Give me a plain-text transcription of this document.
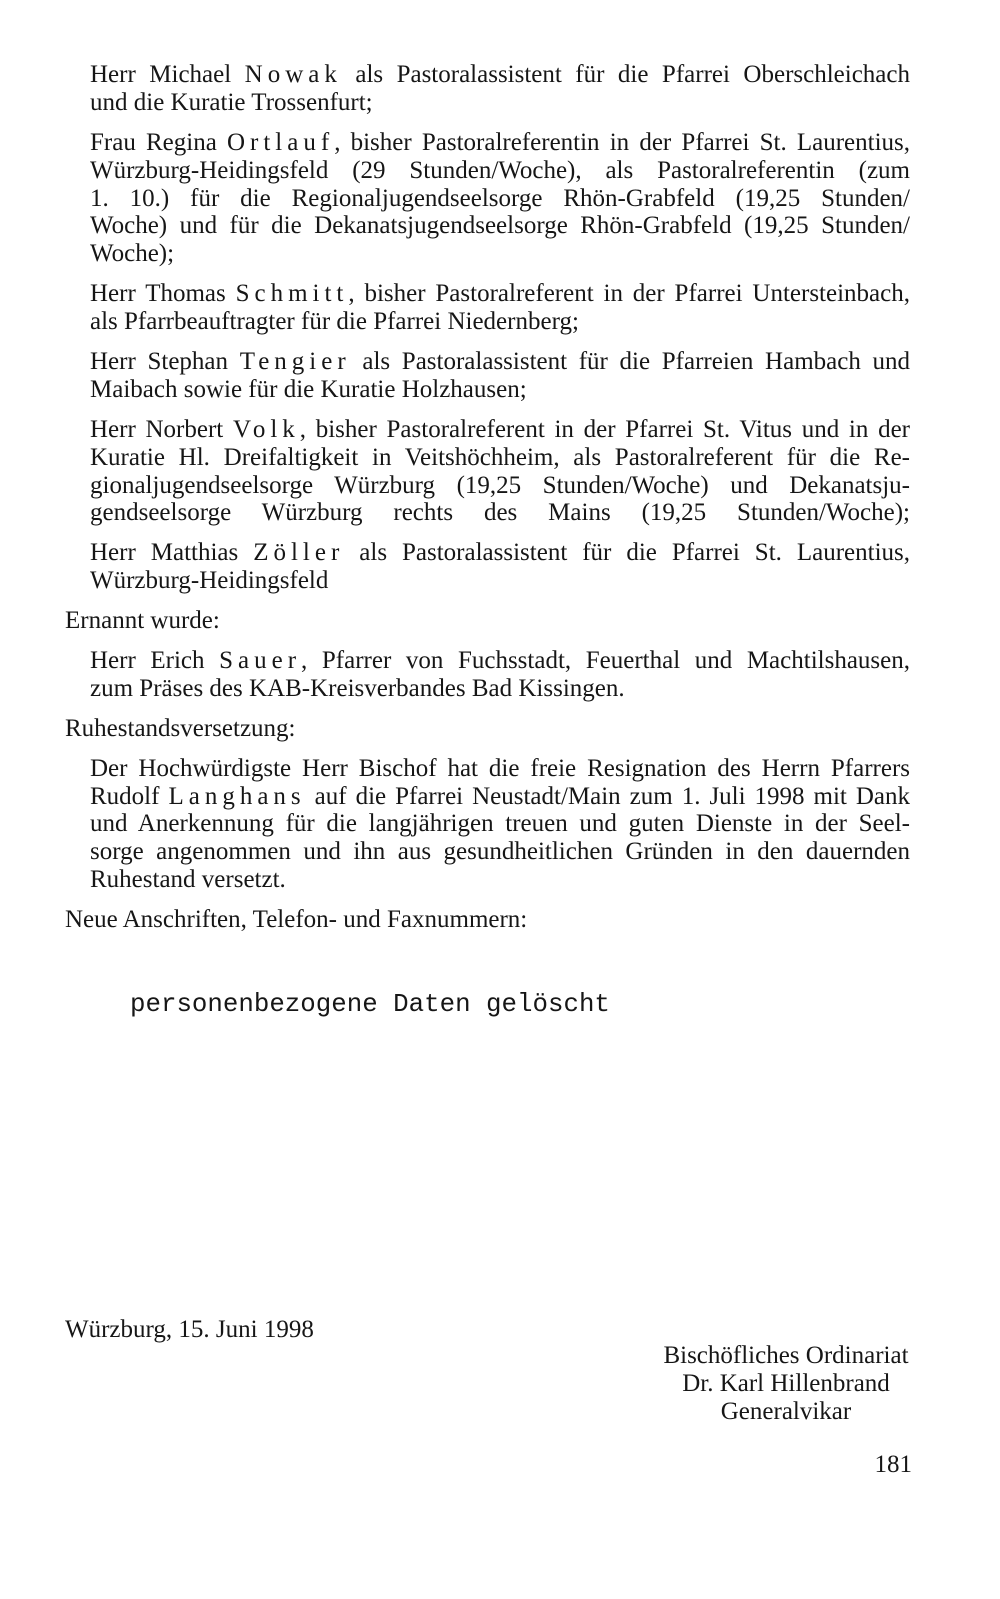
Herr Michael Nowak als Pastoralassistent für die Pfarrei Oberschleichach
und die Kuratie Trossenfurt;
Frau Regina Ortlauf, bisher Pastoralreferentin in der Pfarrei St. Laurentius,
Würzburg-Heidingsfeld (29 Stunden/Woche), als Pastoralreferentin (zum
1. 10.) für die Regionaljugendseelsorge Rhön-Grabfeld (19,25 Stunden/
Woche) und für die Dekanatsjugendseelsorge Rhön-Grabfeld (19,25 Stunden/
Woche);
Herr Thomas Schmitt, bisher Pastoralreferent in der Pfarrei Untersteinbach,
als Pfarrbeauftragter für die Pfarrei Niedernberg;
Herr Stephan Tengier als Pastoralassistent für die Pfarreien Hambach und
Maibach sowie für die Kuratie Holzhausen;
Herr Norbert Volk, bisher Pastoralreferent in der Pfarrei St. Vitus und in der
Kuratie Hl. Dreifaltigkeit in Veitshöchheim, als Pastoralreferent für die Re-
gionaljugendseelsorge Würzburg (19,25 Stunden/Woche) und Dekanatsju-
gendseelsorge Würzburg rechts des Mains (19,25 Stunden/Woche);
Herr Matthias Zöller als Pastoralassistent für die Pfarrei St. Laurentius,
Würzburg-Heidingsfeld
Ernannt wurde:
Herr Erich Sauer, Pfarrer von Fuchsstadt, Feuerthal und Machtilshausen,
zum Präses des KAB-Kreisverbandes Bad Kissingen.
Ruhestandsversetzung:
Der Hochwürdigste Herr Bischof hat die freie Resignation des Herrn Pfarrers
Rudolf Langhans auf die Pfarrei Neustadt/Main zum 1. Juli 1998 mit Dank
und Anerkennung für die langjährigen treuen und guten Dienste in der Seel-
sorge angenommen und ihn aus gesundheitlichen Gründen in den dauernden
Ruhestand versetzt.
Neue Anschriften, Telefon- und Faxnummern:
personenbezogene Daten gelöscht
Würzburg, 15. Juni 1998
Bischöfliches Ordinariat
Dr. Karl Hillenbrand
Generalvikar
181
